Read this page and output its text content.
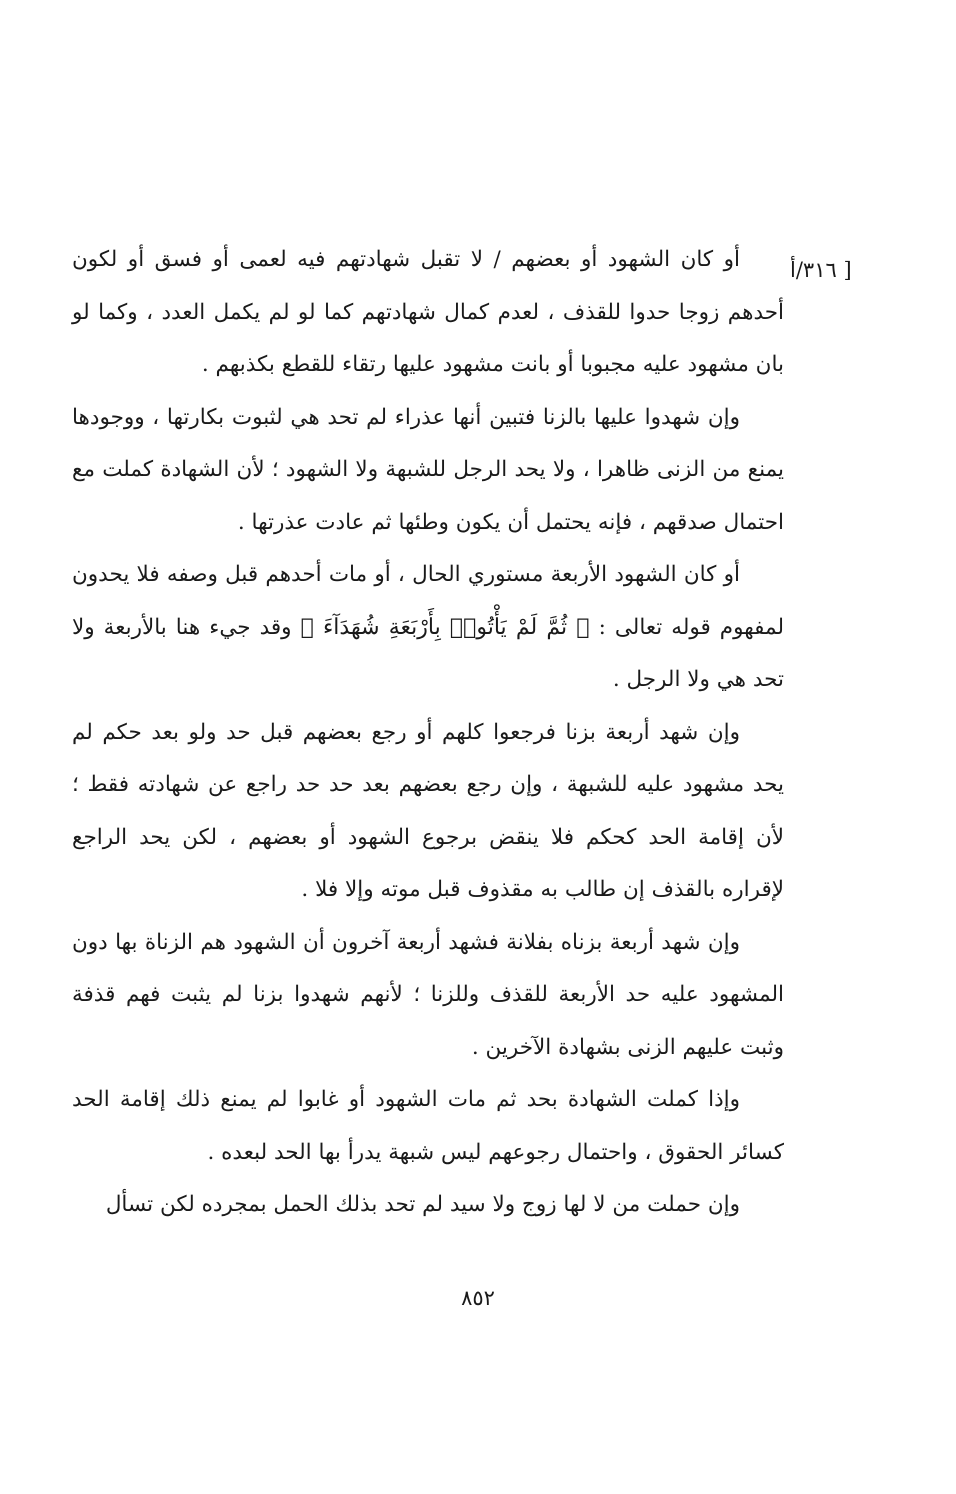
[ ٣١٦/أ

أو كان الشهود أو بعضهم / لا تقبل شهادتهم فيه لعمى أو فسق أو لكون أحدهم زوجا حدوا للقذف ، لعدم كمال شهادتهم كما لو لم يكمل العدد ، وكما لو بان مشهود عليه مجبوبا أو بانت مشهود عليها رتقاء للقطع بكذبهم .

وإن شهدوا عليها بالزنا فتبين أنها عذراء لم تحد هي لثبوت بكارتها ، ووجودها يمنع من الزنى ظاهرا ، ولا يحد الرجل للشبهة ولا الشهود ؛ لأن الشهادة كملت مع احتمال صدقهم ، فإنه يحتمل أن يكون وطئها ثم عادت عذرتها .

أو كان الشهود الأربعة مستوري الحال ، أو مات أحدهم قبل وصفه فلا يحدون لمفهوم قوله تعالى : ﴿ ثُمَّ لَمْ يَأْتُوا۟ بِأَرْبَعَةِ شُهَدَآءَ ﴾ وقد جيء هنا بالأربعة ولا تحد هي ولا الرجل .

وإن شهد أربعة بزنا فرجعوا كلهم أو رجع بعضهم قبل حد ولو بعد حكم لم يحد مشهود عليه للشبهة ، وإن رجع بعضهم بعد حد حد راجع عن شهادته فقط ؛ لأن إقامة الحد كحكم فلا ينقض برجوع الشهود أو بعضهم ، لكن يحد الراجع لإقراره بالقذف إن طالب به مقذوف قبل موته وإلا فلا .

وإن شهد أربعة بزناه بفلانة فشهد أربعة آخرون أن الشهود هم الزناة بها دون المشهود عليه حد الأربعة للقذف وللزنا ؛ لأنهم شهدوا بزنا لم يثبت فهم قذفة وثبت عليهم الزنى بشهادة الآخرين .

وإذا كملت الشهادة بحد ثم مات الشهود أو غابوا لم يمنع ذلك إقامة الحد كسائر الحقوق ، واحتمال رجوعهم ليس شبهة يدرأ بها الحد لبعده .

وإن حملت من لا لها زوج ولا سيد لم تحد بذلك الحمل بمجرده لكن تسأل

٨٥٢
